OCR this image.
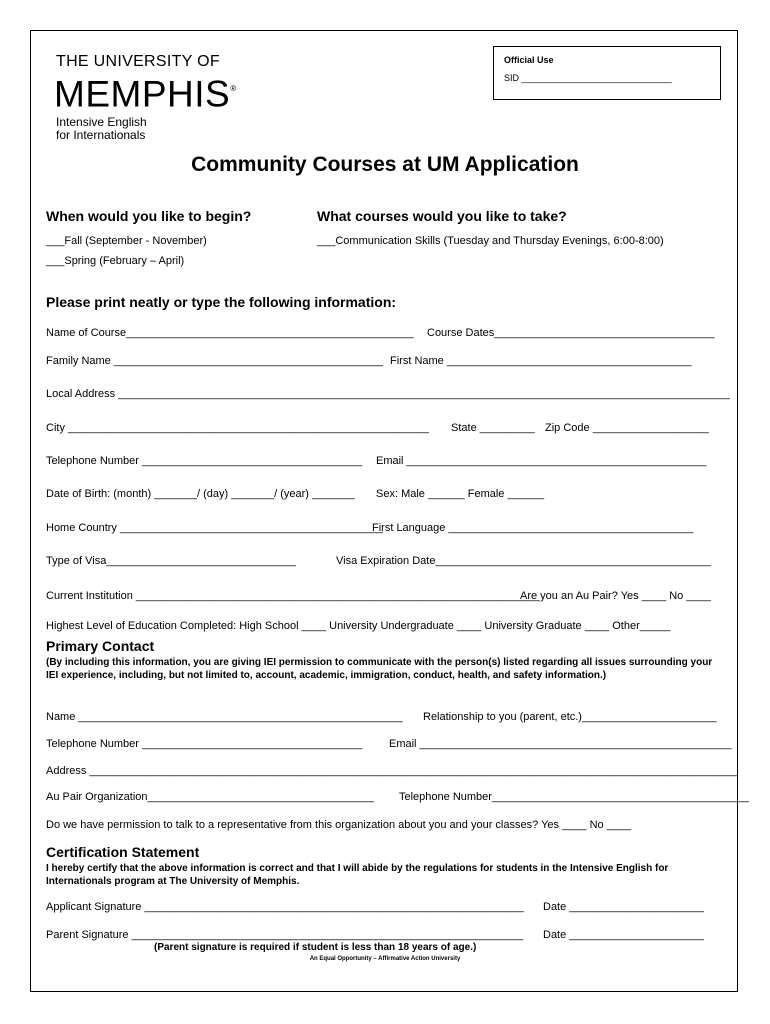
THE UNIVERSITY OF
MEMPHIS®
Intensive English
for Internationals
Official Use
SID ______________________________
Community Courses at UM Application
When would you like to begin?
___Fall (September - November)
___Spring (February – April)
What courses would you like to take?
___Communication Skills (Tuesday and Thursday Evenings, 6:00-8:00)
Please print neatly or type the following information:
Name of Course_______________________________________________ Course Dates____________________________________
Family Name ____________________________________________ First Name ________________________________________
Local Address ____________________________________________________________________________________________________
City ___________________________________________________________ State _________ Zip Code ___________________
Telephone Number ____________________________________ Email _________________________________________________
Date of Birth: (month) _______/ (day) _______/ (year) _______ Sex: Male ______ Female ______
Home Country ___________________________________________
First Language ________________________________________
Type of Visa_______________________________	Visa Expiration Date_____________________________________________
Current Institution __________________________________________________________________
Are you an Au Pair? Yes ____ No ____
Highest Level of Education Completed: High School ____ University Undergraduate ____ University Graduate ____ Other_____
Primary Contact
(By including this information, you are giving IEI permission to communicate with the person(s) listed regarding all issues surrounding your IEI experience, including, but not limited to, account, academic, immigration, conduct, health, and safety information.)
Name _____________________________________________________ Relationship to you (parent, etc.)______________________
Telephone Number ____________________________________ Email ___________________________________________________
Address __________________________________________________________________________________________________________
Au Pair Organization_____________________________________ Telephone Number__________________________________________
Do we have permission to talk to a representative from this organization about you and your classes? Yes ____ No ____
Certification Statement
I hereby certify that the above information is correct and that I will abide by the regulations for students in the Intensive English for Internationals program at The University of Memphis.
Applicant Signature ______________________________________________________________ Date ______________________
Parent Signature ________________________________________________________________ Date ______________________
(Parent signature is required if student is less than 18 years of age.)
An Equal Opportunity – Affirmative Action University
